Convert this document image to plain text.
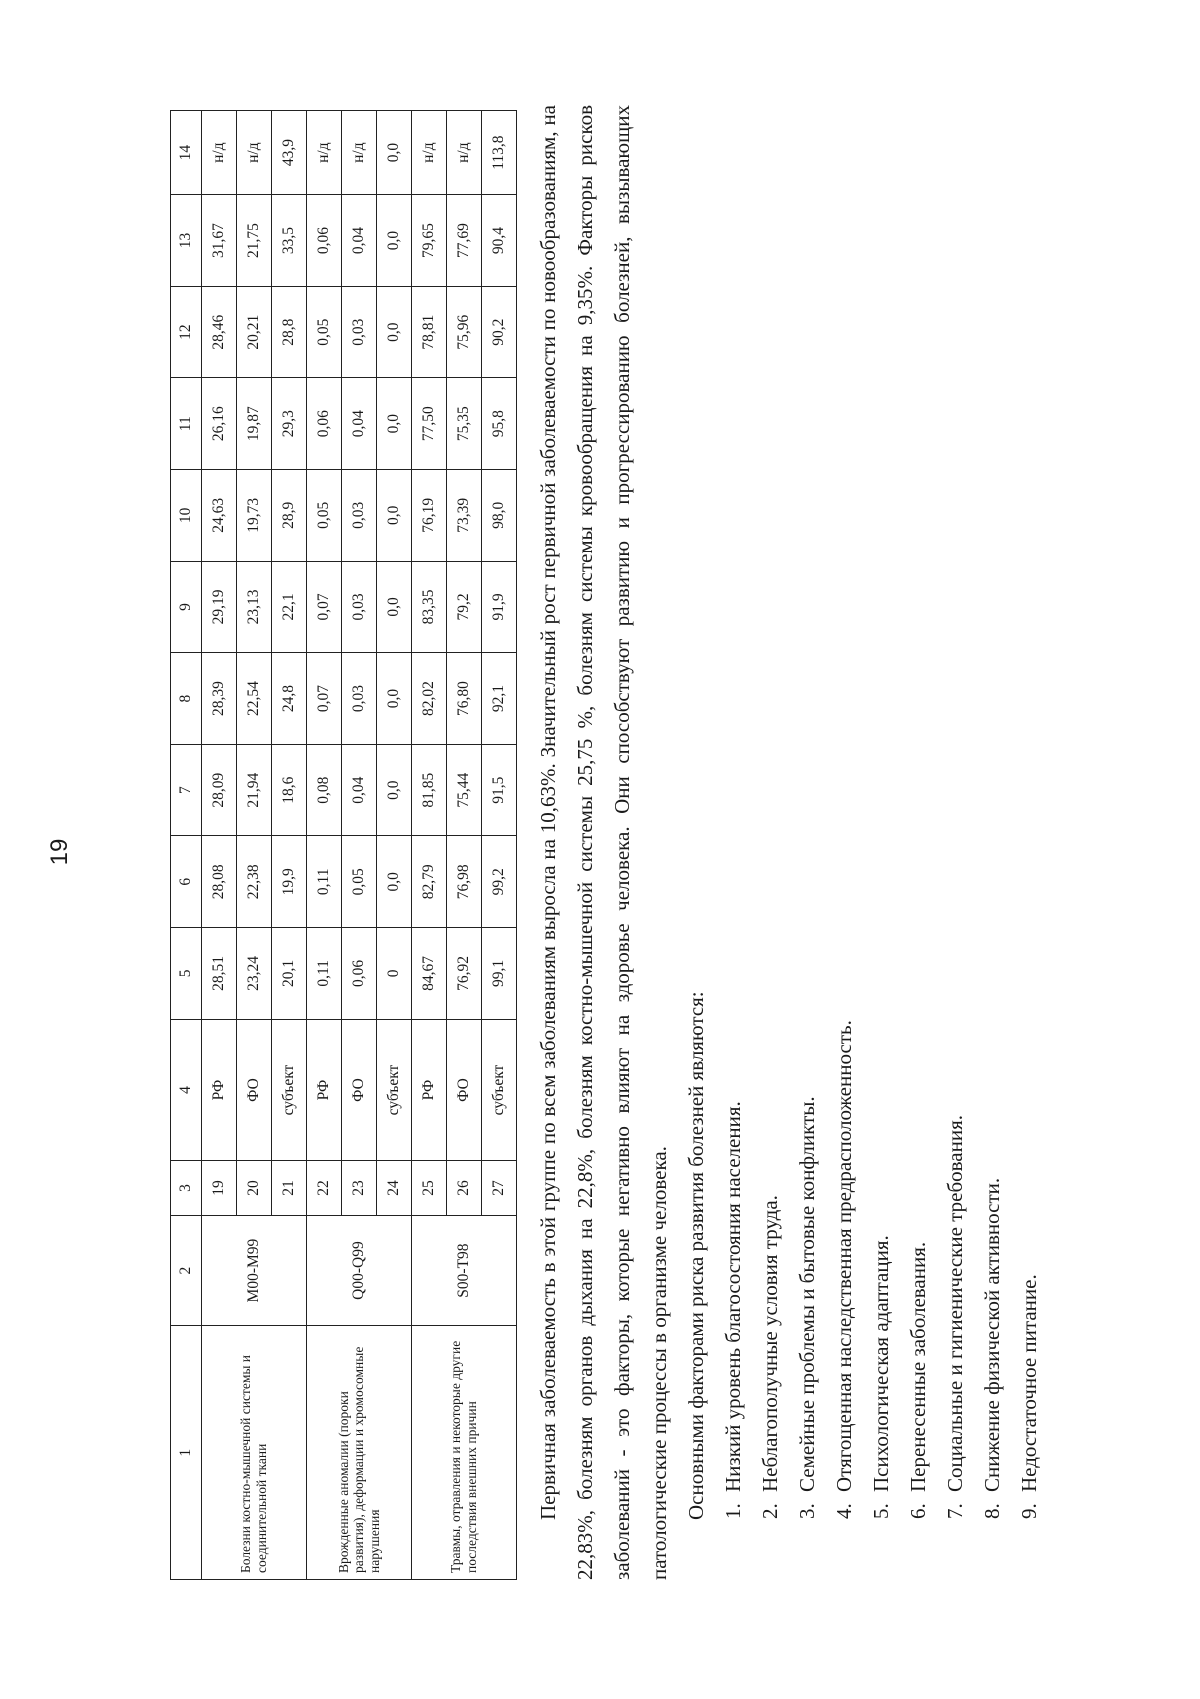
19
1	2	3	4	5	6	7	8	9	10	11	12	13	14
Болезни костно-мышечной системы и соединительной ткани	M00-M99	19	РФ	28,51	28,08	28,09	28,39	29,19	24,63	26,16	28,46	31,67	н/д
		20	ФО	23,24	22,38	21,94	22,54	23,13	19,73	19,87	20,21	21,75	н/д
		21	субъект	20,1	19,9	18,6	24,8	22,1	28,9	29,3	28,8	33,5	43,9
Врожденные аномалии (пороки развития), деформации и хромосомные нарушения	Q00-Q99	22	РФ	0,11	0,11	0,08	0,07	0,07	0,05	0,06	0,05	0,06	н/д
		23	ФО	0,06	0,05	0,04	0,03	0,03	0,03	0,04	0,03	0,04	н/д
		24	субъект	0	0,0	0,0	0,0	0,0	0,0	0,0	0,0	0,0	0,0
Травмы, отравления и некоторые другие последствия внешних причин	S00-T98	25	РФ	84,67	82,79	81,85	82,02	83,35	76,19	77,50	78,81	79,65	н/д
		26	ФО	76,92	76,98	75,44	76,80	79,2	73,39	75,35	75,96	77,69	н/д
		27	субъект	99,1	99,2	91,5	92,1	91,9	98,0	95,8	90,2	90,4	113,8 Первичная заболеваемость в этой группе по всем заболеваниям выросла на 10,63%. Значительный рост первичной заболеваемости по новообразованиям, на 22,83%, болезням органов дыхания на 22,8%, болезням костно-мышечной системы 25,75 %, болезням системы кровообращения на 9,35%. Факторы рисков заболеваний - это факторы, которые негативно влияют на здоровье человека. Они способствуют развитию и прогрессированию болезней, вызывающих патологические процессы в организме человека. Основными факторами риска развития болезней являются: 1. Низкий уровень благосостояния населения. 2. Неблагополучные условия труда. 3. Семейные проблемы и бытовые конфликты. 4. Отягощенная наследственная предрасположенность. 5. Психологическая адаптация. 6. Перенесенные заболевания. 7. Социальные и гигиенические требования. 8. Снижение физической активности. 9. Недостаточное питание.
